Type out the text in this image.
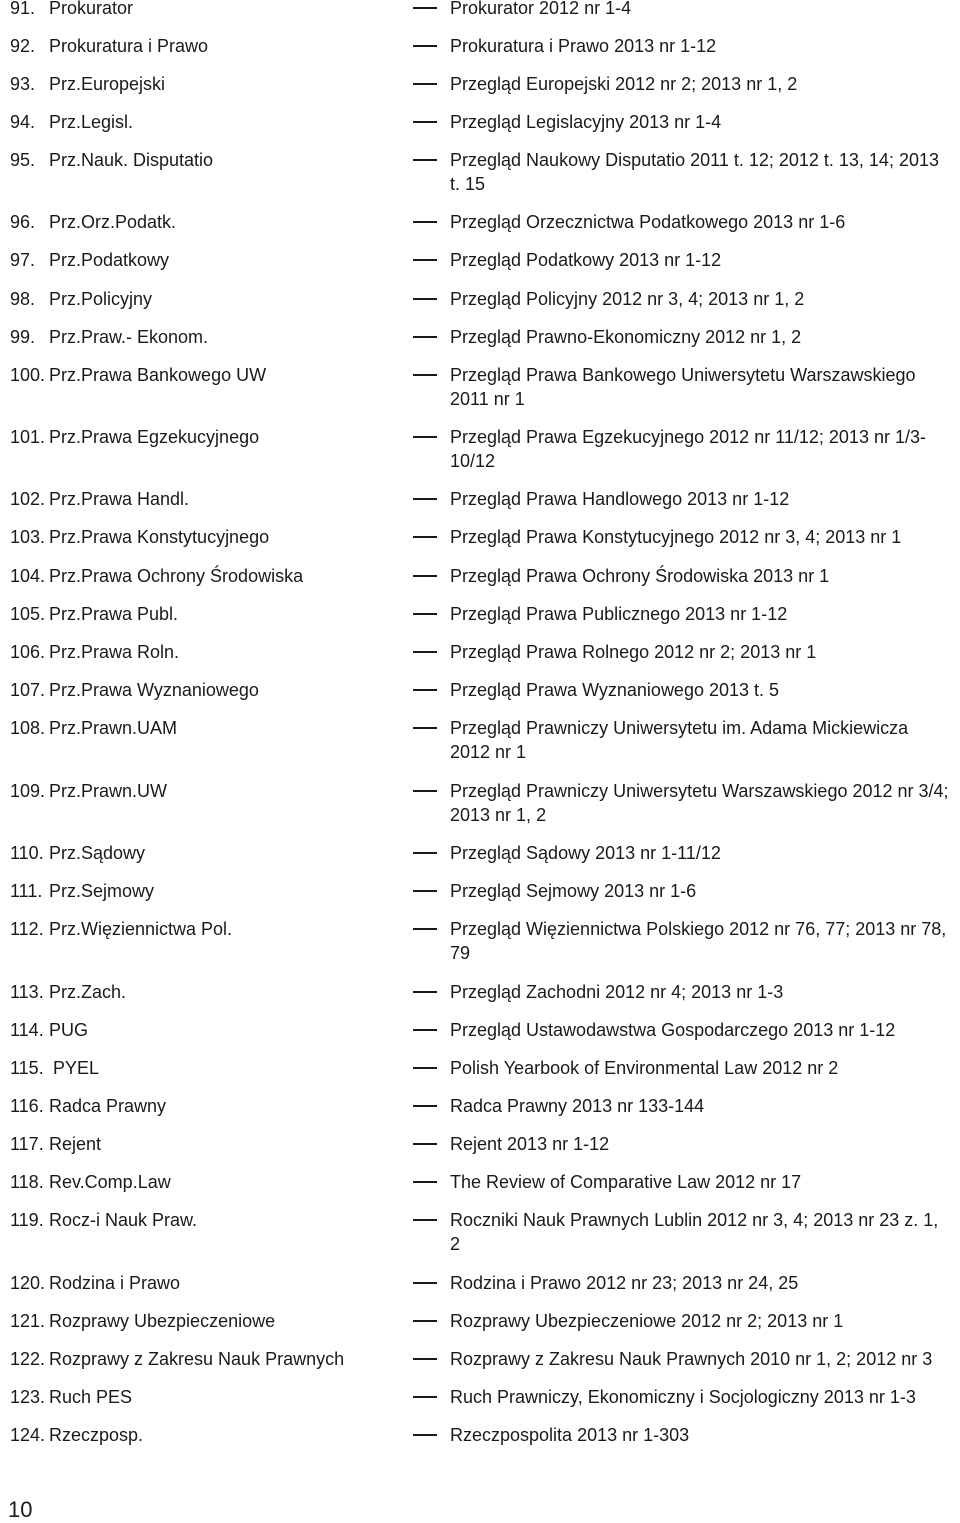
91. Prokurator	Prokurator 2012 nr 1-4
92. Prokuratura i Prawo	Prokuratura i Prawo 2013 nr 1-12
93. Prz.Europejski	Przegląd Europejski 2012 nr 2; 2013 nr 1, 2
94. Prz.Legisl.	Przegląd Legislacyjny 2013 nr 1-4
95. Prz.Nauk. Disputatio	Przegląd Naukowy Disputatio 2011 t. 12; 2012 t. 13, 14; 2013
t. 15
96. Prz.Orz.Podatk.	Przegląd Orzecznictwa Podatkowego 2013 nr 1-6
97. Prz.Podatkowy	Przegląd Podatkowy 2013 nr 1-12
98. Prz.Policyjny	Przegląd Policyjny 2012 nr 3, 4; 2013 nr 1, 2
99. Prz.Praw.- Ekonom.	Przegląd Prawno-Ekonomiczny 2012 nr 1, 2
100. Prz.Prawa Bankowego UW	Przegląd Prawa Bankowego Uniwersytetu Warszawskiego
2011 nr 1
101. Prz.Prawa Egzekucyjnego	Przegląd Prawa Egzekucyjnego 2012 nr 11/12; 2013 nr 1/3-
10/12
102. Prz.Prawa Handl.	Przegląd Prawa Handlowego 2013 nr 1-12
103. Prz.Prawa Konstytucyjnego	Przegląd Prawa Konstytucyjnego 2012 nr 3, 4; 2013 nr 1
104. Prz.Prawa Ochrony Środowiska	Przegląd Prawa Ochrony Środowiska 2013 nr 1
105. Prz.Prawa Publ.	Przegląd Prawa Publicznego 2013 nr 1-12
106. Prz.Prawa Roln.	Przegląd Prawa Rolnego 2012 nr 2; 2013 nr 1
107. Prz.Prawa Wyznaniowego	Przegląd Prawa Wyznaniowego 2013 t. 5
108. Prz.Prawn.UAM	Przegląd Prawniczy Uniwersytetu im. Adama Mickiewicza
2012 nr 1
109. Prz.Prawn.UW	Przegląd Prawniczy Uniwersytetu Warszawskiego 2012 nr 3/4;
2013 nr 1, 2
110. Prz.Sądowy	Przegląd Sądowy 2013 nr 1-11/12
111. Prz.Sejmowy	Przegląd Sejmowy 2013 nr 1-6
112. Prz.Więziennictwa Pol.	Przegląd Więziennictwa Polskiego 2012 nr 76, 77; 2013 nr 78,
79
113. Prz.Zach.	Przegląd Zachodni 2012 nr 4; 2013 nr 1-3
114. PUG	Przegląd Ustawodawstwa Gospodarczego 2013 nr 1-12
115. PYEL	Polish Yearbook of Environmental Law 2012 nr 2
116. Radca Prawny	Radca Prawny 2013 nr 133-144
117. Rejent	Rejent 2013 nr 1-12
118. Rev.Comp.Law	The Review of Comparative Law 2012 nr 17
119. Rocz-i Nauk Praw.	Roczniki Nauk Prawnych Lublin 2012 nr 3, 4; 2013 nr 23 z. 1,
2
120. Rodzina i Prawo	Rodzina i Prawo 2012 nr 23; 2013 nr 24, 25
121. Rozprawy Ubezpieczeniowe	Rozprawy Ubezpieczeniowe 2012 nr 2; 2013 nr 1
122. Rozprawy z Zakresu Nauk Prawnych	Rozprawy z Zakresu Nauk Prawnych 2010 nr 1, 2; 2012 nr 3
123. Ruch PES	Ruch Prawniczy, Ekonomiczny i Socjologiczny 2013 nr 1-3
124. Rzeczposp.	Rzeczpospolita 2013 nr 1-303
10
